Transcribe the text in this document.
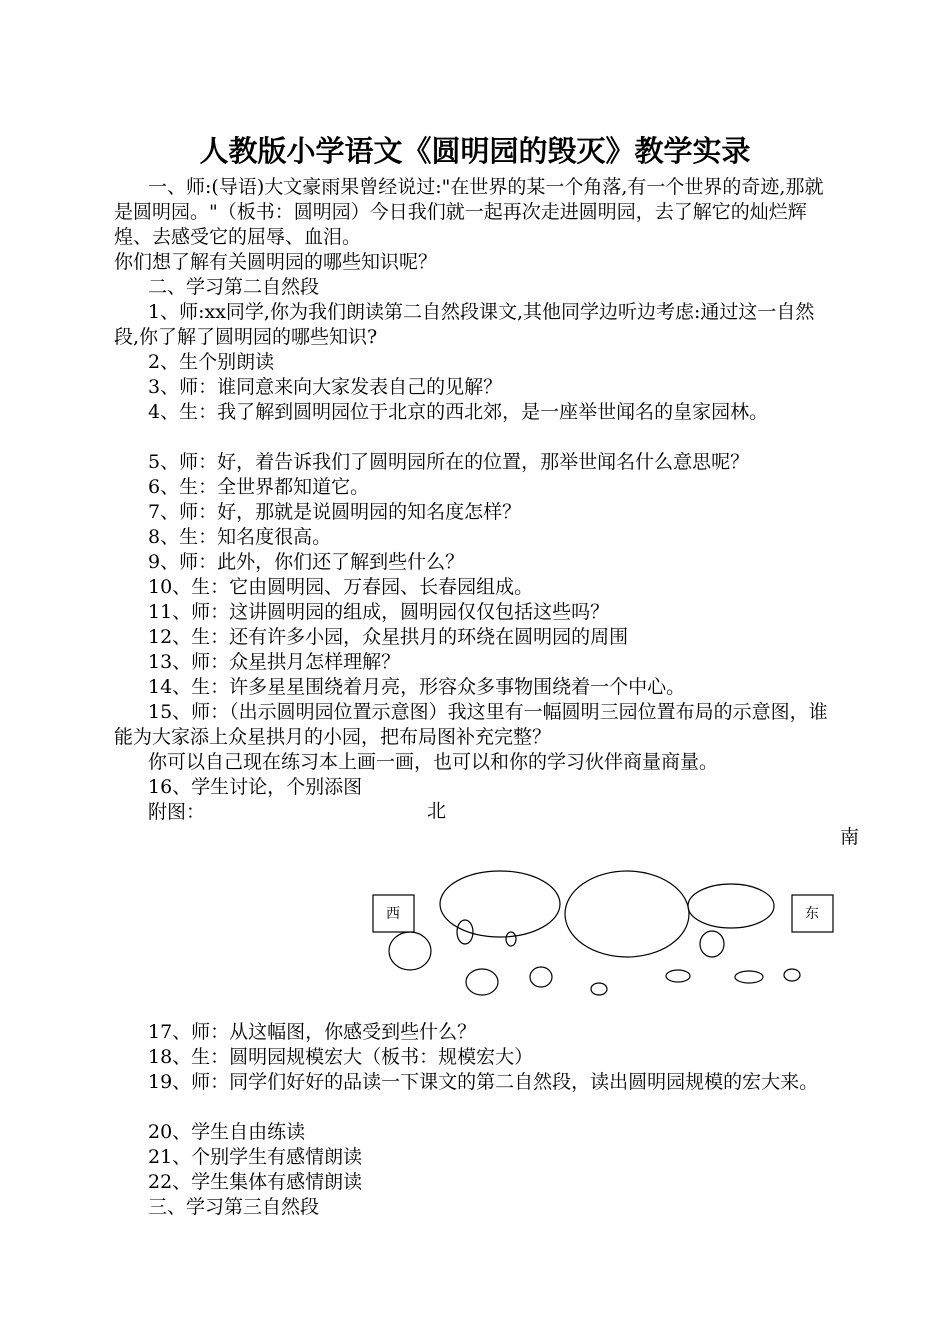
人教版小学语文《圆明园的毁灭》教学实录

一、师:(导语)大文豪雨果曾经说过:"在世界的某一个角落,有一个世界的奇迹,那就是圆明园。"（板书：圆明园）今日我们就一起再次走进圆明园，去了解它的灿烂辉煌、去感受它的屈辱、血泪。

你们想了解有关圆明园的哪些知识呢？

二、学习第二自然段

1、师:xx同学,你为我们朗读第二自然段课文,其他同学边听边考虑:通过这一自然段,你了解了圆明园的哪些知识?

2、生个别朗读

3、师：谁同意来向大家发表自己的见解？

4、生：我了解到圆明园位于北京的西北郊，是一座举世闻名的皇家园林。

5、师：好，着告诉我们了圆明园所在的位置，那举世闻名什么意思呢？

6、生：全世界都知道它。

7、师：好，那就是说圆明园的知名度怎样？

8、生：知名度很高。

9、师：此外，你们还了解到些什么？

10、生：它由圆明园、万春园、长春园组成。

11、师：这讲圆明园的组成，圆明园仅仅包括这些吗？

12、生：还有许多小园，众星拱月的环绕在圆明园的周围

13、师：众星拱月怎样理解？

14、生：许多星星围绕着月亮，形容众多事物围绕着一个中心。

15、师：（出示圆明园位置示意图）我这里有一幅圆明三园位置布局的示意图，谁能为大家添上众星拱月的小园，把布局图补充完整？

你可以自己现在练习本上画一画，也可以和你的学习伙伴商量商量。

16、学生讨论，个别添图

附图：	北
南
西	东

17、师：从这幅图，你感受到些什么？

18、生：圆明园规模宏大（板书：规模宏大）

19、师：同学们好好的品读一下课文的第二自然段，读出圆明园规模的宏大来。

20、学生自由练读

21、个别学生有感情朗读

22、学生集体有感情朗读

三、学习第三自然段
